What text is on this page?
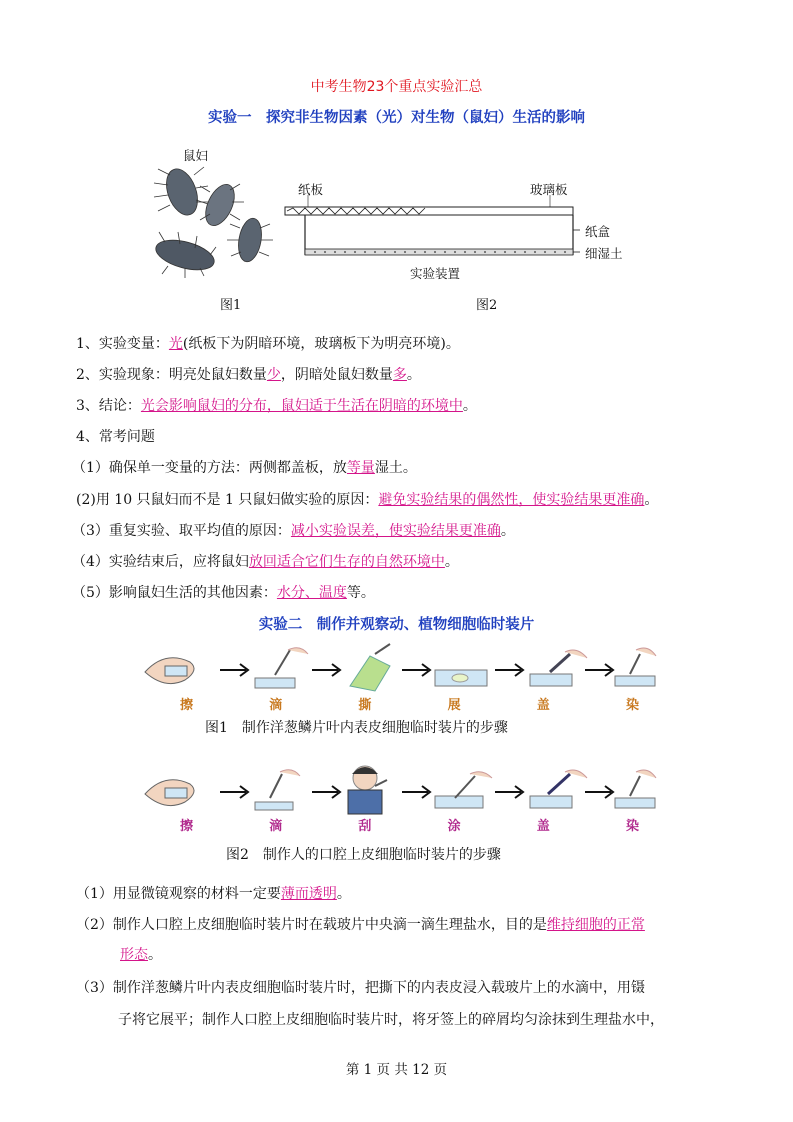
中考生物23个重点实验汇总
实验一　探究非生物因素（光）对生物（鼠妇）生活的影响
鼠妇
图1
纸板	玻璃板
纸盒
细湿土
实验装置
图2
1、实验变量：光(纸板下为阴暗环境，玻璃板下为明亮环境)。
2、实验现象：明亮处鼠妇数量少，阴暗处鼠妇数量多。
3、结论：光会影响鼠妇的分布，鼠妇适于生活在阴暗的环境中。
4、常考问题
（1）确保单一变量的方法：两侧都盖板，放等量湿土。
(2)用 10 只鼠妇而不是 1 只鼠妇做实验的原因：避免实验结果的偶然性，使实验结果更准确。
（3）重复实验、取平均值的原因：减小实验误差，使实验结果更准确。
（4）实验结束后，应将鼠妇放回适合它们生存的自然环境中。
（5）影响鼠妇生活的其他因素：水分、温度等。
实验二　制作并观察动、植物细胞临时装片
擦	滴	撕	展	盖	染
图1　制作洋葱鳞片叶内表皮细胞临时装片的步骤
擦	滴	刮	涂	盖	染
图2　制作人的口腔上皮细胞临时装片的步骤
（1）用显微镜观察的材料一定要薄而透明。
（2）制作人口腔上皮细胞临时装片时在载玻片中央滴一滴生理盐水，目的是维持细胞的正常
形态。
（3）制作洋葱鳞片叶内表皮细胞临时装片时，把撕下的内表皮浸入载玻片上的水滴中，用镊
子将它展平；制作人口腔上皮细胞临时装片时，将牙签上的碎屑均匀涂抹到生理盐水中，
第 1 页 共 12 页
